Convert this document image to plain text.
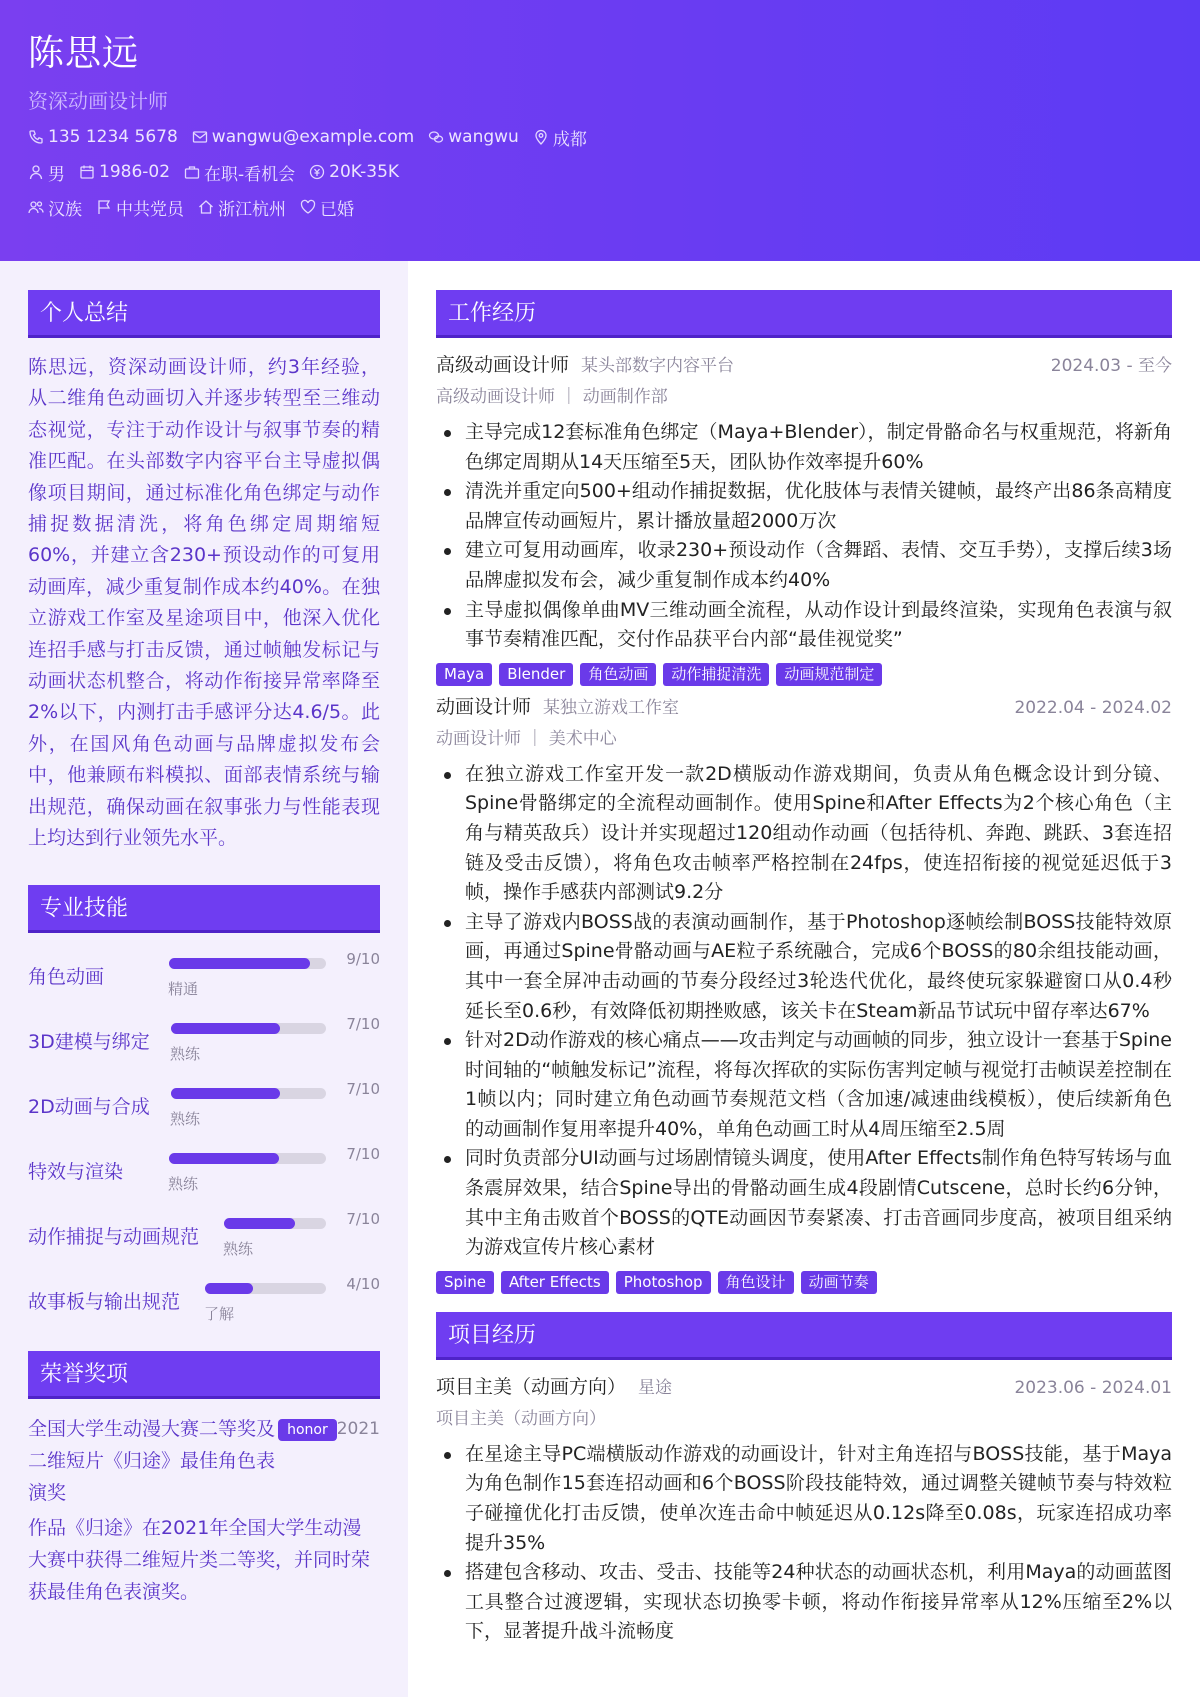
陈思远
资深动画设计师
135 1234 5678 wangwu@example.com wangwu 成都
男 1986-02 在职-看机会 20K-35K
汉族 中共党员 浙江杭州 已婚
个人总结
陈思远，资深动画设计师，约3年经验，从二维角色动画切入并逐步转型至三维动态视觉，专注于动作设计与叙事节奏的精准匹配。在头部数字内容平台主导虚拟偶像项目期间，通过标准化角色绑定与动作捕捉数据清洗，将角色绑定周期缩短60%，并建立含230+预设动作的可复用动画库，减少重复制作成本约40%。在独立游戏工作室及星途项目中，他深入优化连招手感与打击反馈，通过帧触发标记与动画状态机整合，将动作衔接异常率降至2%以下，内测打击手感评分达4.6/5。此外，在国风角色动画与品牌虚拟发布会中，他兼顾布料模拟、面部表情系统与输出规范，确保动画在叙事张力与性能表现上均达到行业领先水平。
专业技能
角色动画
9/10
精通
3D建模与绑定
7/10
熟练
2D动画与合成
7/10
熟练
特效与渲染
7/10
熟练
动作捕捉与动画规范
7/10
熟练
故事板与输出规范
4/10
了解
荣誉奖项
全国大学生动漫大赛二等奖及二维短片《归途》最佳角色表演奖
honor 2021
作品《归途》在2021年全国大学生动漫大赛中获得二维短片类二等奖，并同时荣获最佳角色表演奖。
工作经历
高级动画设计师 某头部数字内容平台	2024.03 - 至今
高级动画设计师 ｜ 动画制作部
主导完成12套标准角色绑定（Maya+Blender），制定骨骼命名与权重规范，将新角色绑定周期从14天压缩至5天，团队协作效率提升60%
清洗并重定向500+组动作捕捉数据，优化肢体与表情关键帧，最终产出86条高精度品牌宣传动画短片，累计播放量超2000万次
建立可复用动画库，收录230+预设动作（含舞蹈、表情、交互手势），支撑后续3场品牌虚拟发布会，减少重复制作成本约40%
主导虚拟偶像单曲MV三维动画全流程，从动作设计到最终渲染，实现角色表演与叙事节奏精准匹配，交付作品获平台内部“最佳视觉奖”
Maya	Blender	角色动画	动作捕捉清洗	动画规范制定
动画设计师 某独立游戏工作室	2022.04 - 2024.02
动画设计师 ｜ 美术中心
在独立游戏工作室开发一款2D横版动作游戏期间，负责从角色概念设计到分镜、Spine骨骼绑定的全流程动画制作。使用Spine和After Effects为2个核心角色（主角与精英敌兵）设计并实现超过120组动作动画（包括待机、奔跑、跳跃、3套连招链及受击反馈），将角色攻击帧率严格控制在24fps，使连招衔接的视觉延迟低于3帧，操作手感获内部测试9.2分
主导了游戏内BOSS战的表演动画制作，基于Photoshop逐帧绘制BOSS技能特效原画，再通过Spine骨骼动画与AE粒子系统融合，完成6个BOSS的80余组技能动画，其中一套全屏冲击动画的节奏分段经过3轮迭代优化，最终使玩家躲避窗口从0.4秒延长至0.6秒，有效降低初期挫败感，该关卡在Steam新品节试玩中留存率达67%
针对2D动作游戏的核心痛点——攻击判定与动画帧的同步，独立设计一套基于Spine时间轴的“帧触发标记”流程，将每次挥砍的实际伤害判定帧与视觉打击帧误差控制在1帧以内；同时建立角色动画节奏规范文档（含加速/减速曲线模板），使后续新角色的动画制作复用率提升40%，单角色动画工时从4周压缩至2.5周
同时负责部分UI动画与过场剧情镜头调度，使用After Effects制作角色特写转场与血条震屏效果，结合Spine导出的骨骼动画生成4段剧情Cutscene，总时长约6分钟，其中主角击败首个BOSS的QTE动画因节奏紧凑、打击音画同步度高，被项目组采纳为游戏宣传片核心素材
Spine	After Effects	Photoshop	角色设计	动画节奏
项目经历
项目主美（动画方向） 星途	2023.06 - 2024.01
项目主美（动画方向）
在星途主导PC端横版动作游戏的动画设计，针对主角连招与BOSS技能，基于Maya为角色制作15套连招动画和6个BOSS阶段技能特效，通过调整关键帧节奏与特效粒子碰撞优化打击反馈，使单次连击命中帧延迟从0.12s降至0.08s，玩家连招成功率提升35%
搭建包含移动、攻击、受击、技能等24种状态的动画状态机，利用Maya的动画蓝图工具整合过渡逻辑，实现状态切换零卡顿，将动作衔接异常率从12%压缩至2%以下，显著提升战斗流畅度
